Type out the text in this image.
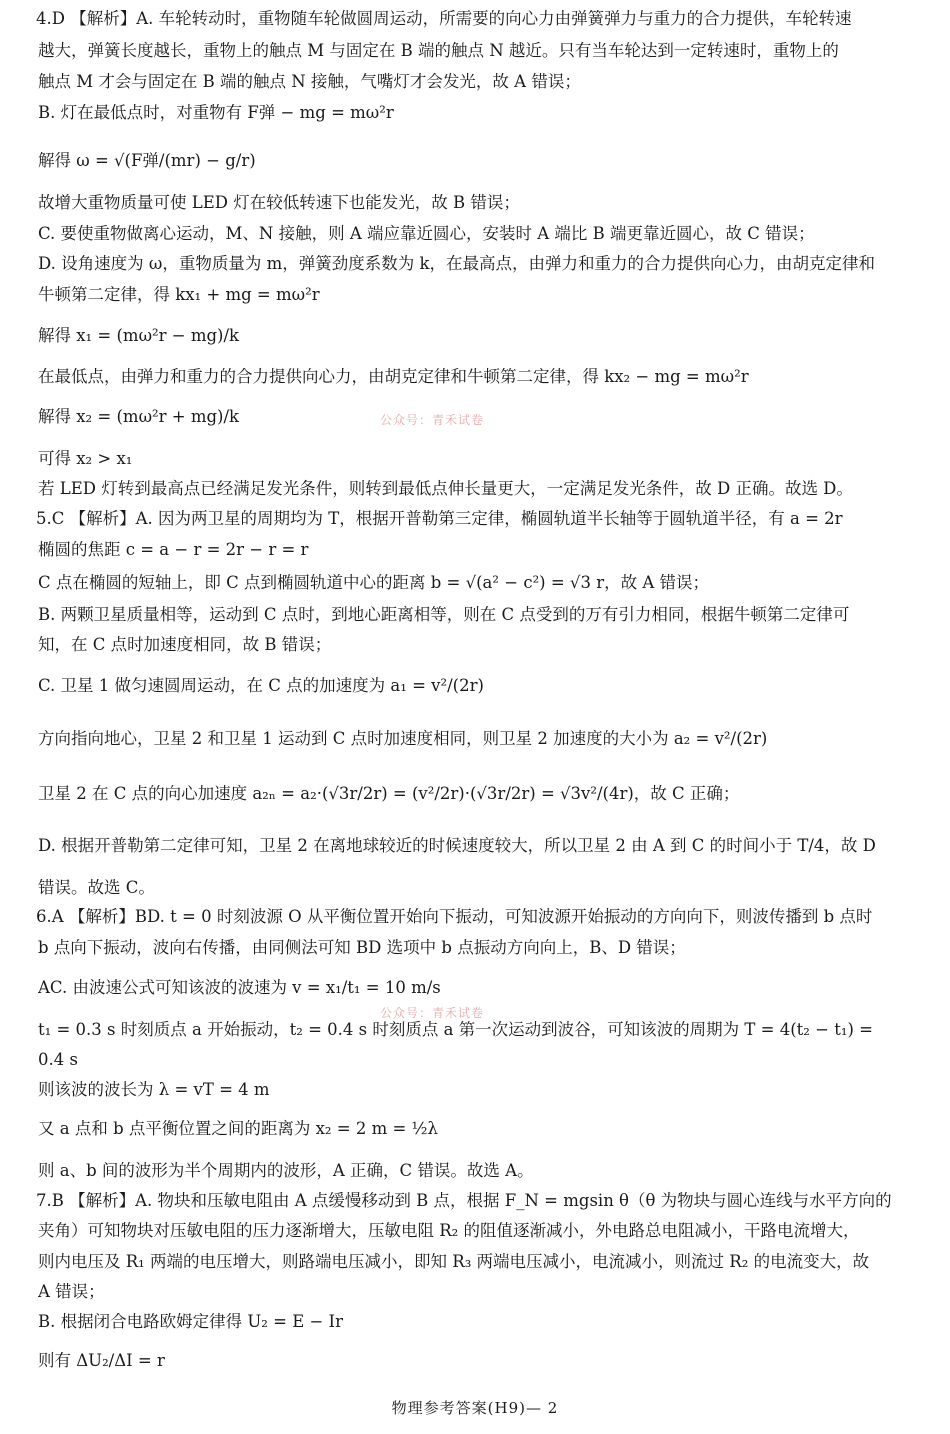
4.D 【解析】A. 车轮转动时，重物随车轮做圆周运动，所需要的向心力由弹簧弹力与重力的合力提供，车轮转速
越大，弹簧长度越长，重物上的触点 M 与固定在 B 端的触点 N 越近。只有当车轮达到一定转速时，重物上的
触点 M 才会与固定在 B 端的触点 N 接触，气嘴灯才会发光，故 A 错误；
B. 灯在最低点时，对重物有 F弹 − mg = mω²r
解得 ω = √(F弹/(mr) − g/r)
故增大重物质量可使 LED 灯在较低转速下也能发光，故 B 错误；
C. 要使重物做离心运动，M、N 接触，则 A 端应靠近圆心，安装时 A 端比 B 端更靠近圆心，故 C 错误；
D. 设角速度为 ω，重物质量为 m，弹簧劲度系数为 k，在最高点，由弹力和重力的合力提供向心力，由胡克定律和
牛顿第二定律，得 kx₁ + mg = mω²r
解得 x₁ = (mω²r − mg)/k
在最低点，由弹力和重力的合力提供向心力，由胡克定律和牛顿第二定律，得 kx₂ − mg = mω²r
解得 x₂ = (mω²r + mg)/k
可得 x₂ > x₁
若 LED 灯转到最高点已经满足发光条件，则转到最低点伸长量更大，一定满足发光条件，故 D 正确。故选 D。
5.C 【解析】A. 因为两卫星的周期均为 T，根据开普勒第三定律，椭圆轨道半长轴等于圆轨道半径，有 a = 2r
椭圆的焦距 c = a − r = 2r − r = r
C 点在椭圆的短轴上，即 C 点到椭圆轨道中心的距离 b = √(a² − c²) = √3 r，故 A 错误；
B. 两颗卫星质量相等，运动到 C 点时，到地心距离相等，则在 C 点受到的万有引力相同，根据牛顿第二定律可
知，在 C 点时加速度相同，故 B 错误；
C. 卫星 1 做匀速圆周运动，在 C 点的加速度为 a₁ = v²/(2r)
方向指向地心，卫星 2 和卫星 1 运动到 C 点时加速度相同，则卫星 2 加速度的大小为 a₂ = v²/(2r)
卫星 2 在 C 点的向心加速度 a₂ₙ = a₂·(√3r/2r) = (v²/2r)·(√3r/2r) = √3v²/(4r)，故 C 正确；
D. 根据开普勒第二定律可知，卫星 2 在离地球较近的时候速度较大，所以卫星 2 由 A 到 C 的时间小于 T/4，故 D
错误。故选 C。
6.A 【解析】BD. t = 0 时刻波源 O 从平衡位置开始向下振动，可知波源开始振动的方向向下，则波传播到 b 点时
b 点向下振动，波向右传播，由同侧法可知 BD 选项中 b 点振动方向向上，B、D 错误；
AC. 由波速公式可知该波的波速为 v = x₁/t₁ = 10 m/s
t₁ = 0.3 s 时刻质点 a 开始振动，t₂ = 0.4 s 时刻质点 a 第一次运动到波谷，可知该波的周期为 T = 4(t₂ − t₁) =
0.4 s
则该波的波长为 λ = vT = 4 m
又 a 点和 b 点平衡位置之间的距离为 x₂ = 2 m = ½λ
则 a、b 间的波形为半个周期内的波形，A 正确，C 错误。故选 A。
7.B 【解析】A. 物块和压敏电阻由 A 点缓慢移动到 B 点，根据 F_N = mgsin θ（θ 为物块与圆心连线与水平方向的
夹角）可知物块对压敏电阻的压力逐渐增大，压敏电阻 R₂ 的阻值逐渐减小，外电路总电阻减小，干路电流增大，
则内电压及 R₁ 两端的电压增大，则路端电压减小，即知 R₃ 两端电压减小，电流减小，则流过 R₂ 的电流变大，故
A 错误；
B. 根据闭合电路欧姆定律得 U₂ = E − Ir
则有 ΔU₂/ΔI = r
公众号：青禾试卷
公众号：青禾试卷
物理参考答案(H9)— 2
